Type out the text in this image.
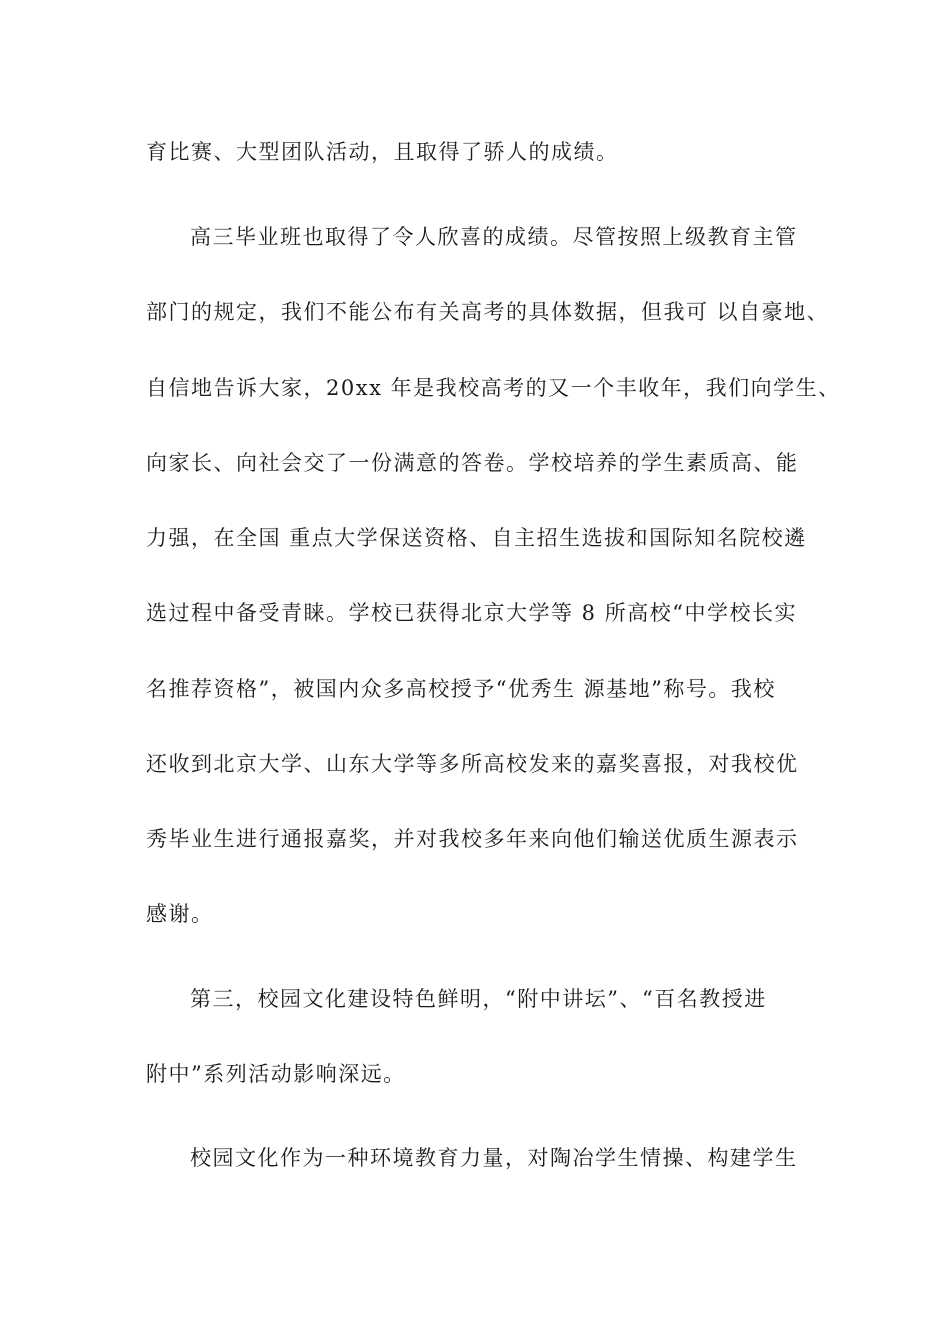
育比赛、大型团队活动，且取得了骄人的成绩。
高三毕业班也取得了令人欣喜的成绩。尽管按照上级教育主管
部门的规定，我们不能公布有关高考的具体数据，但我可 以自豪地、
自信地告诉大家，20xx 年是我校高考的又一个丰收年，我们向学生、
向家长、向社会交了一份满意的答卷。学校培养的学生素质高、能
力强，在全国 重点大学保送资格、自主招生选拔和国际知名院校遴
选过程中备受青睐。学校已获得北京大学等 8 所高校“中学校长实
名推荐资格”，被国内众多高校授予“优秀生 源基地”称号。我校
还收到北京大学、山东大学等多所高校发来的嘉奖喜报，对我校优
秀毕业生进行通报嘉奖，并对我校多年来向他们输送优质生源表示
感谢。
第三，校园文化建设特色鲜明，“附中讲坛”、“百名教授进
附中”系列活动影响深远。
校园文化作为一种环境教育力量，对陶冶学生情操、构建学生
